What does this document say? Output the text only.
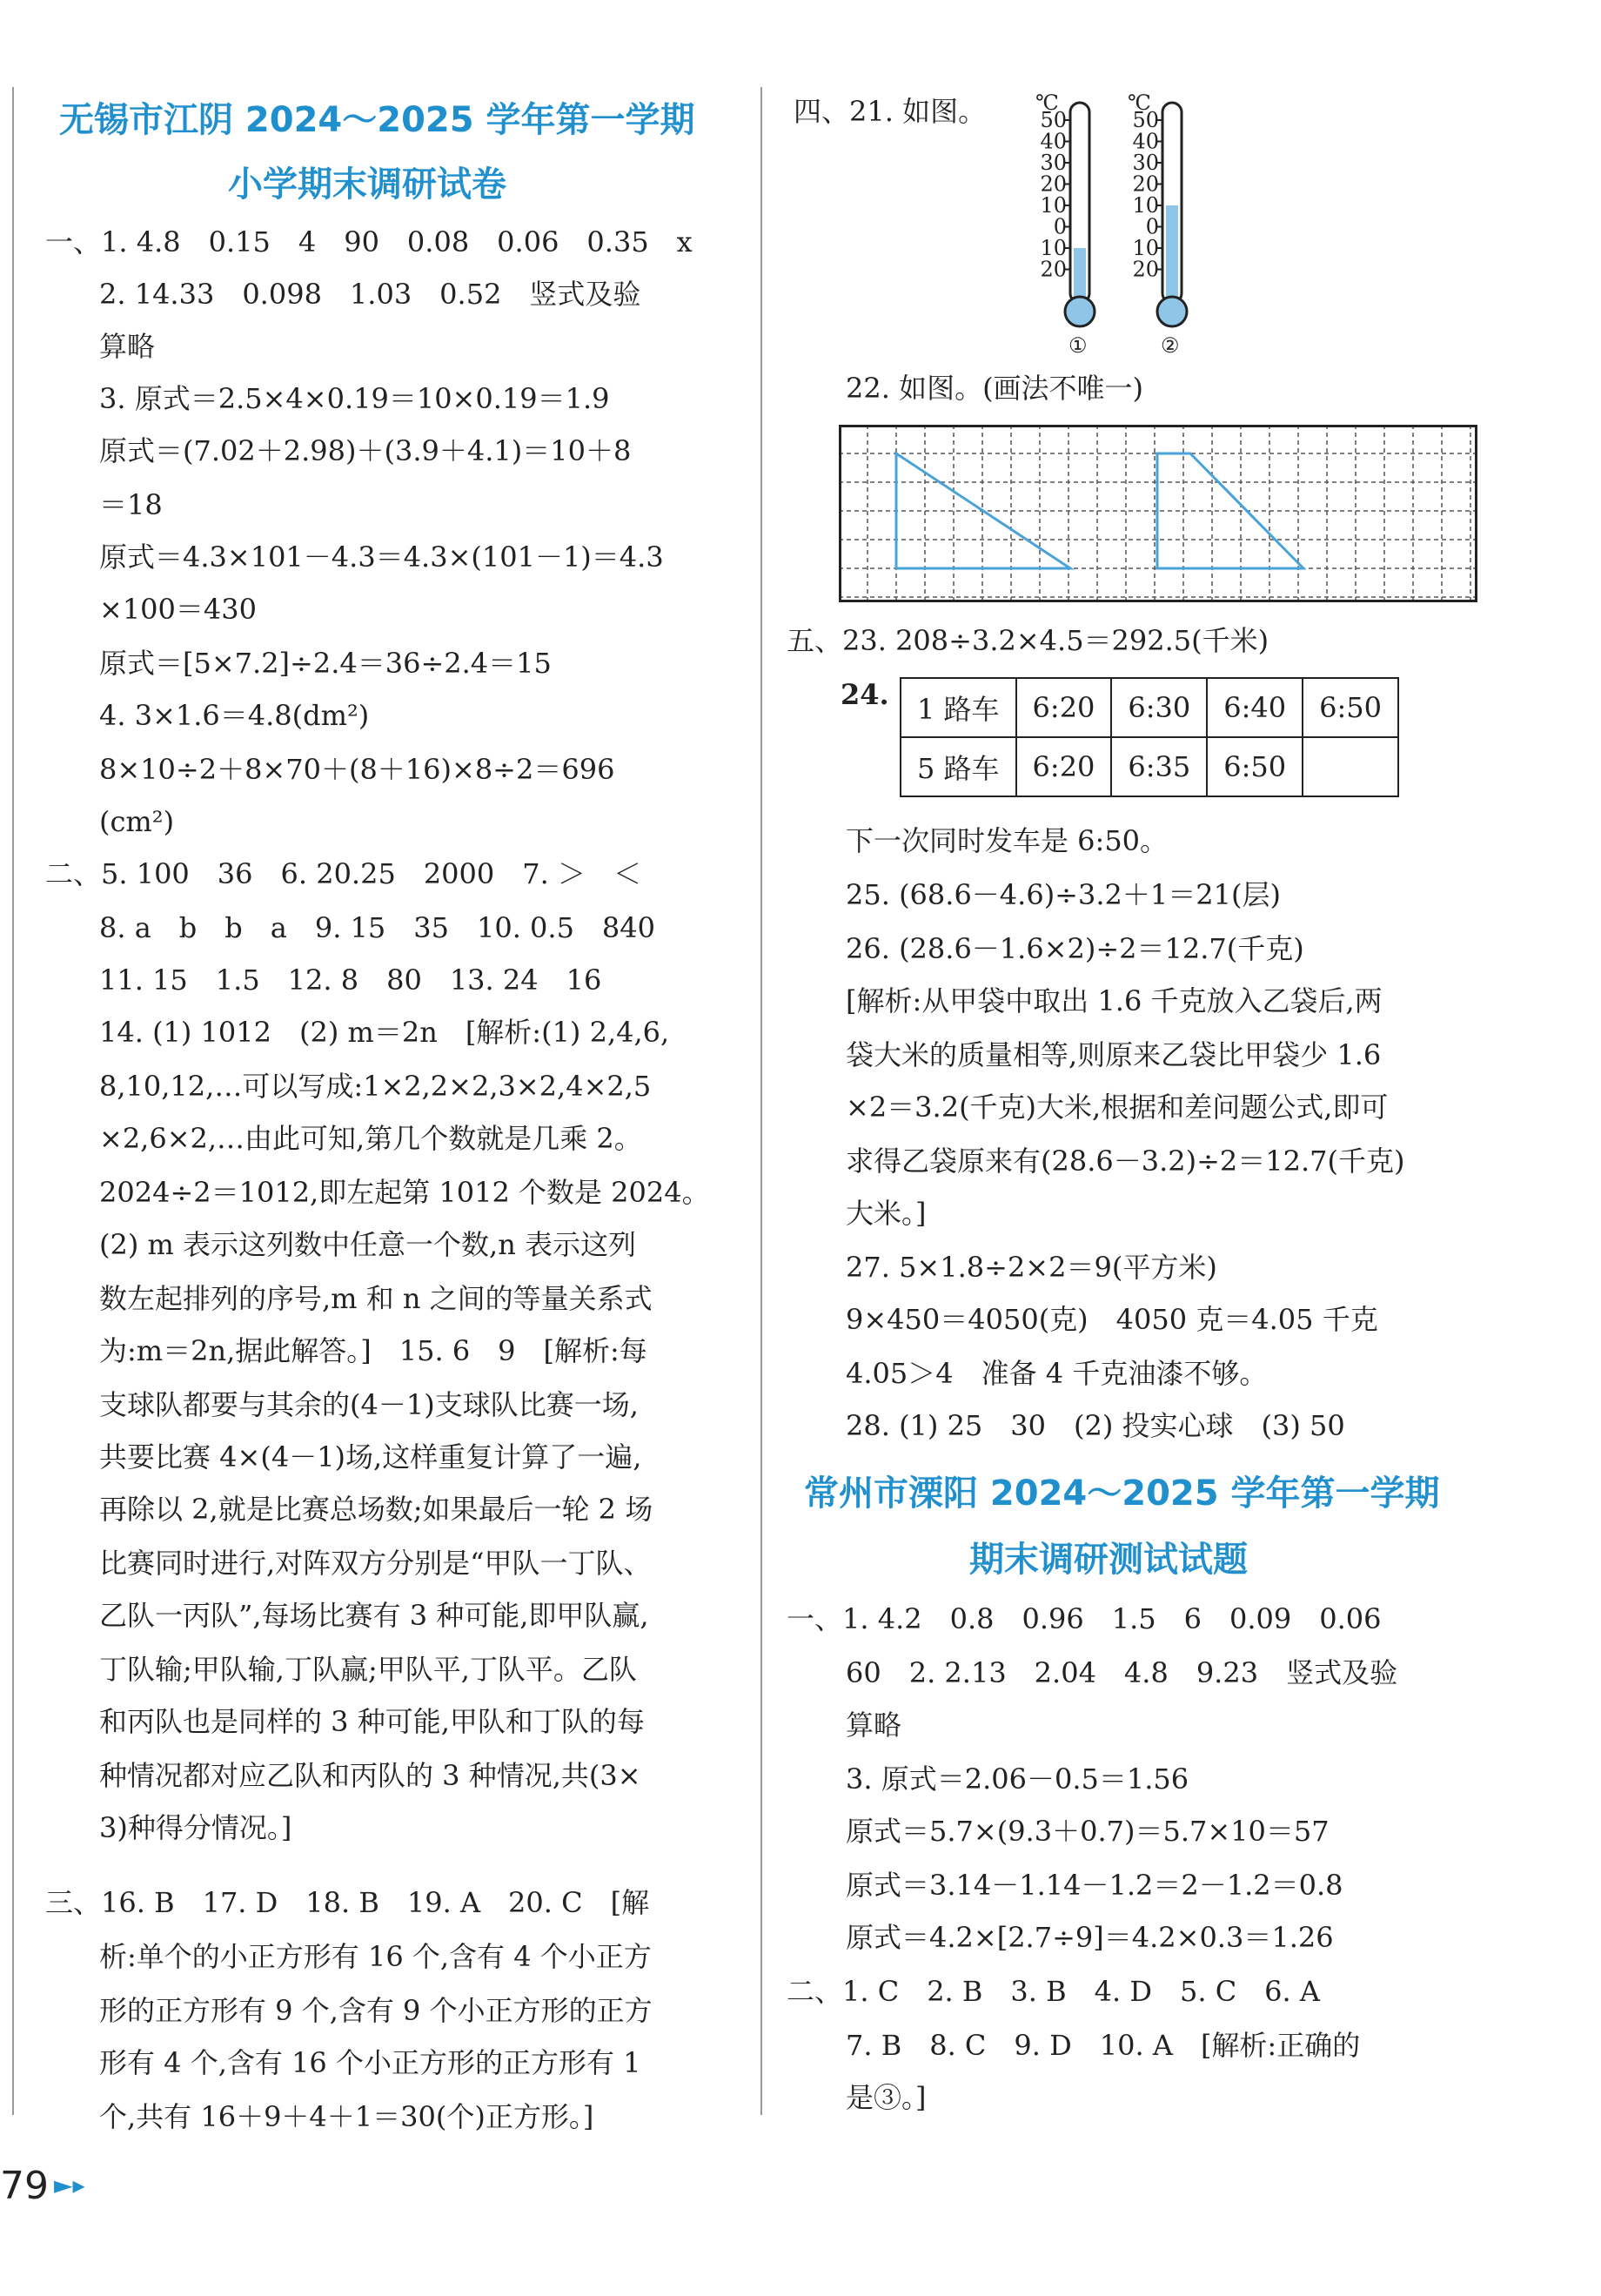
无锡市江阴 2024～2025 学年第一学期
小学期末调研试卷
一、1. 4.8　0.15　4　90　0.08　0.06　0.35　x
2. 14.33　0.098　1.03　0.52　竖式及验
算略
3. 原式＝2.5×4×0.19＝10×0.19＝1.9
原式＝(7.02＋2.98)＋(3.9＋4.1)＝10＋8
＝18
原式＝4.3×101－4.3＝4.3×(101－1)＝4.3
×100＝430
原式＝[5×7.2]÷2.4＝36÷2.4＝15
4. 3×1.6＝4.8(dm²)
8×10÷2＋8×70＋(8＋16)×8÷2＝696
(cm²)
二、5. 100　36　6. 20.25　2000　7. ＞　＜
8. a　b　b　a　9. 15　35　10. 0.5　840
11. 15　1.5　12. 8　80　13. 24　16
14. (1) 1012　(2) m＝2n　[解析:(1) 2,4,6,
8,10,12,…可以写成:1×2,2×2,3×2,4×2,5
×2,6×2,…由此可知,第几个数就是几乘 2。
2024÷2＝1012,即左起第 1012 个数是 2024。
(2) m 表示这列数中任意一个数,n 表示这列
数左起排列的序号,m 和 n 之间的等量关系式
为:m＝2n,据此解答。]　15. 6　9　[解析:每
支球队都要与其余的(4－1)支球队比赛一场,
共要比赛 4×(4－1)场,这样重复计算了一遍,
再除以 2,就是比赛总场数;如果最后一轮 2 场
比赛同时进行,对阵双方分别是“甲队一丁队、
乙队一丙队”,每场比赛有 3 种可能,即甲队赢,
丁队输;甲队输,丁队赢;甲队平,丁队平。乙队
和丙队也是同样的 3 种可能,甲队和丁队的每
种情况都对应乙队和丙队的 3 种情况,共(3×
3)种得分情况。]
三、16. B　17. D　18. B　19. A　20. C　[解
析:单个的小正方形有 16 个,含有 4 个小正方
形的正方形有 9 个,含有 9 个小正方形的正方
形有 4 个,含有 16 个小正方形的正方形有 1
个,共有 16＋9＋4＋1＝30(个)正方形。]
四、21. 如图。 ℃
50
40
30
20
10
0
10
20
①
℃
50
40
30
20
10
0
10
20
②
22. 如图。(画法不唯一)
五、23. 208÷3.2×4.5＝292.5(千米)
24. 1 路车	6:20	6:30	6:40	6:50
5 路车	6:20	6:35	6:50	
下一次同时发车是 6:50。
25. (68.6－4.6)÷3.2＋1＝21(层)
26. (28.6－1.6×2)÷2＝12.7(千克)
[解析:从甲袋中取出 1.6 千克放入乙袋后,两
袋大米的质量相等,则原来乙袋比甲袋少 1.6
×2＝3.2(千克)大米,根据和差问题公式,即可
求得乙袋原来有(28.6－3.2)÷2＝12.7(千克)
大米。]
27. 5×1.8÷2×2＝9(平方米)
9×450＝4050(克)　4050 克＝4.05 千克
4.05＞4　准备 4 千克油漆不够。
28. (1) 25　30　(2) 投实心球　(3) 50
常州市溧阳 2024～2025 学年第一学期
期末调研测试试题
一、1. 4.2　0.8　0.96　1.5　6　0.09　0.06
60　2. 2.13　2.04　4.8　9.23　竖式及验
算略
3. 原式＝2.06－0.5＝1.56
原式＝5.7×(9.3＋0.7)＝5.7×10＝57
原式＝3.14－1.14－1.2＝2－1.2＝0.8
原式＝4.2×[2.7÷9]＝4.2×0.3＝1.26
二、1. C　2. B　3. B　4. D　5. C　6. A
7. B　8. C　9. D　10. A　[解析:正确的
是③。]
79 ►▸
